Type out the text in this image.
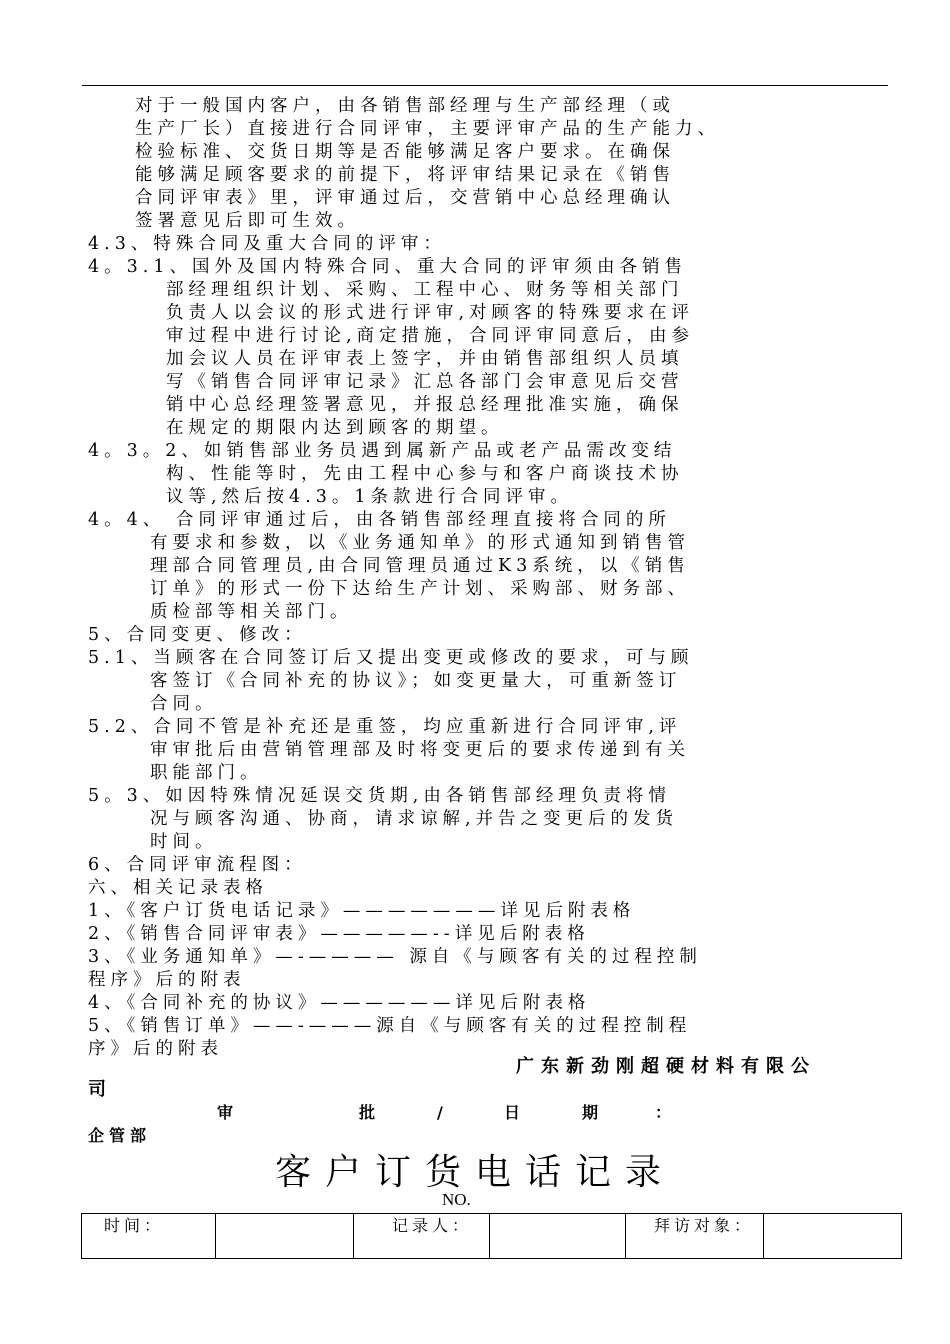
对于一般国内客户，由各销售部经理与生产部经理（或
生产厂长）直接进行合同评审，主要评审产品的生产能力、
检验标准、交货日期等是否能够满足客户要求。在确保
能够满足顾客要求的前提下，将评审结果记录在《销售
合同评审表》里，评审通过后，交营销中心总经理确认
签署意见后即可生效。
4.3、特殊合同及重大合同的评审：
4。3.1、国外及国内特殊合同、重大合同的评审须由各销售
部经理组织计划、采购、工程中心、财务等相关部门
负责人以会议的形式进行评审,对顾客的特殊要求在评
审过程中进行讨论,商定措施，合同评审同意后，由参
加会议人员在评审表上签字，并由销售部组织人员填
写《销售合同评审记录》汇总各部门会审意见后交营
销中心总经理签署意见，并报总经理批准实施，确保
在规定的期限内达到顾客的期望。
4。3。2、如销售部业务员遇到属新产品或老产品需改变结
构、性能等时，先由工程中心参与和客户商谈技术协
议等,然后按4.3。1条款进行合同评审。
4。4、 合同评审通过后，由各销售部经理直接将合同的所
有要求和参数，以《业务通知单》的形式通知到销售管
理部合同管理员,由合同管理员通过K3系统，以《销售
订单》的形式一份下达给生产计划、采购部、财务部、
质检部等相关部门。
5、合同变更、修改：
5.1、当顾客在合同签订后又提出变更或修改的要求，可与顾
客签订《合同补充的协议》；如变更量大，可重新签订
合同。
5.2、合同不管是补充还是重签，均应重新进行合同评审,评
审审批后由营销管理部及时将变更后的要求传递到有关
职能部门。
5。3、如因特殊情况延误交货期,由各销售部经理负责将情
况与顾客沟通、协商，请求谅解,并告之变更后的发货
时间。
6、合同评审流程图：
六、相关记录表格
1、《客户订货电话记录》———————详见后附表格
2、《销售合同评审表》—————--详见后附表格
3、《业务通知单》—-———— 源自《与顾客有关的过程控制
程序》后的附表
4、《合同补充的协议》——————详见后附表格
5、《销售订单》——-———源自《与顾客有关的过程控制程
序》后的附表
广东新劲刚超硬材料有限公
司
审	批	/	日	期	：
企管部
客户订货电话记录
NO.
时间：		记录人：		拜访对象：	
